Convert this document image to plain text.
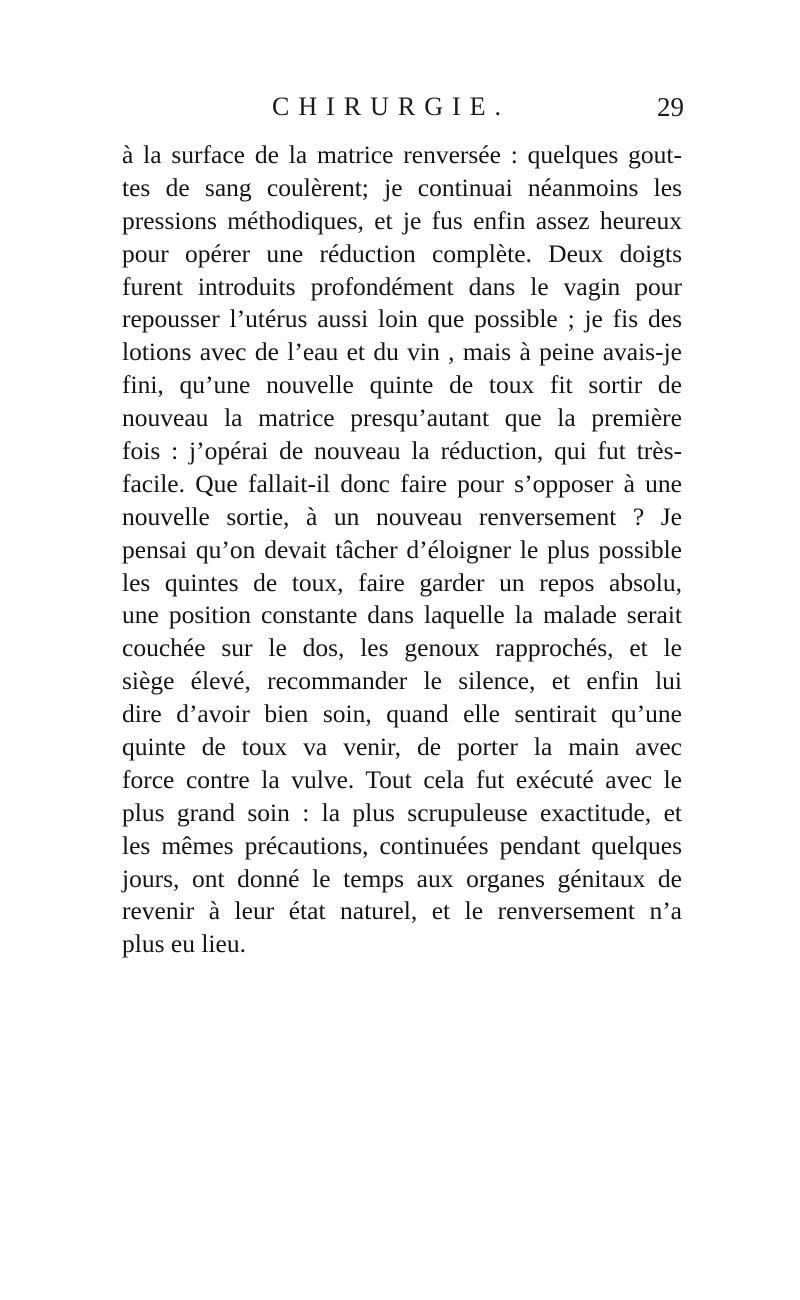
CHIRURGIE.	29
à la surface de la matrice renversée : quelques gout-
tes de sang coulèrent; je continuai néanmoins les
pressions méthodiques, et je fus enfin assez heureux
pour opérer une réduction complète. Deux doigts
furent introduits profondément dans le vagin pour
repousser l’utérus aussi loin que possible ; je fis des
lotions avec de l’eau et du vin , mais à peine avais-je
fini, qu’une nouvelle quinte de toux fit sortir de
nouveau la matrice presqu’autant que la première
fois : j’opérai de nouveau la réduction, qui fut très-
facile. Que fallait-il donc faire pour s’opposer à une
nouvelle sortie, à un nouveau renversement ? Je
pensai qu’on devait tâcher d’éloigner le plus possible
les quintes de toux, faire garder un repos absolu,
une position constante dans laquelle la malade serait
couchée sur le dos, les genoux rapprochés, et le
siège élevé, recommander le silence, et enfin lui
dire d’avoir bien soin, quand elle sentirait qu’une
quinte de toux va venir, de porter la main avec
force contre la vulve. Tout cela fut exécuté avec le
plus grand soin : la plus scrupuleuse exactitude, et
les mêmes précautions, continuées pendant quelques
jours, ont donné le temps aux organes génitaux de
revenir à leur état naturel, et le renversement n’a
plus eu lieu.
